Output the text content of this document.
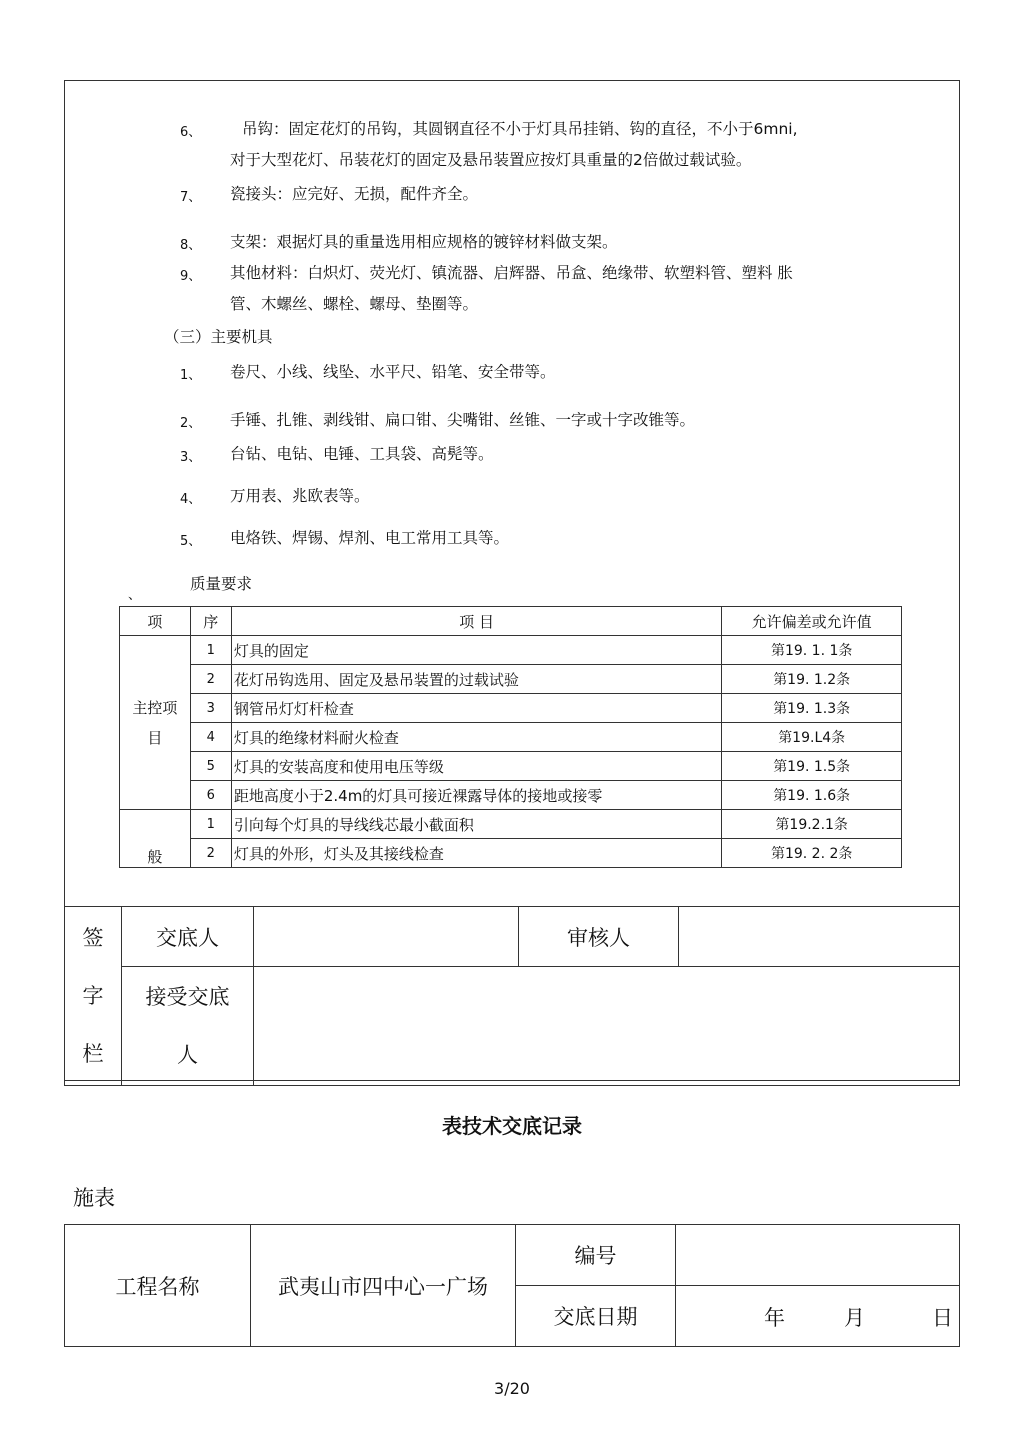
6、	吊钩：固定花灯的吊钩，其圆钢直径不小于灯具吊挂销、钩的直径，不小于6mni,
对于大型花灯、吊装花灯的固定及悬吊装置应按灯具重量的2倍做过载试验。
7、 瓷接头：应完好、无损，配件齐全。
8、 支架：艰据灯具的重量选用相应规格的镀锌材料做支架。
9、 其他材料：白炽灯、荧光灯、镇流器、启辉器、吊盒、绝缘带、软塑料管、塑料 胀
管、木螺丝、螺栓、螺母、垫圈等。
（三）主要机具
1、 卷尺、小线、线坠、水平尺、铅笔、安全带等。
2、 手锤、扎锥、剥线钳、扁口钳、尖嘴钳、丝锥、一字或十字改锥等。
3、 台钻、电钻、电锤、工具袋、高髡等。
4、 万用表、兆欧表等。
5、 电烙铁、焊锡、焊剂、电工常用工具等。
质量要求
、
项	序	项 目	允许偏差或允许值
主控项目	1	灯具的固定	第19. 1. 1条
	2	花灯吊钩选用、固定及悬吊装置的过载试验	第19. 1.2条
	3	钢管吊灯灯杆检查	第19. 1.3条
	4	灯具的绝缘材料耐火检查	第19.L4条
	5	灯具的安装高度和使用电压等级	第19. 1.5条
	6	距地高度小于2.4m的灯具可接近裸露导体的接地或接零	第19. 1.6条
般	1	引向每个灯具的导线线芯最小截面积	第19.2.1条
	2	灯具的外形，灯头及其接线检查	第19. 2. 2条
签
字
栏	交底人		审核人	

	接受交底
人			

表技术交底记录
施表
工程名称	武夷山市四中心一广场	编号	
		交底日期	年 月 日
3/20
